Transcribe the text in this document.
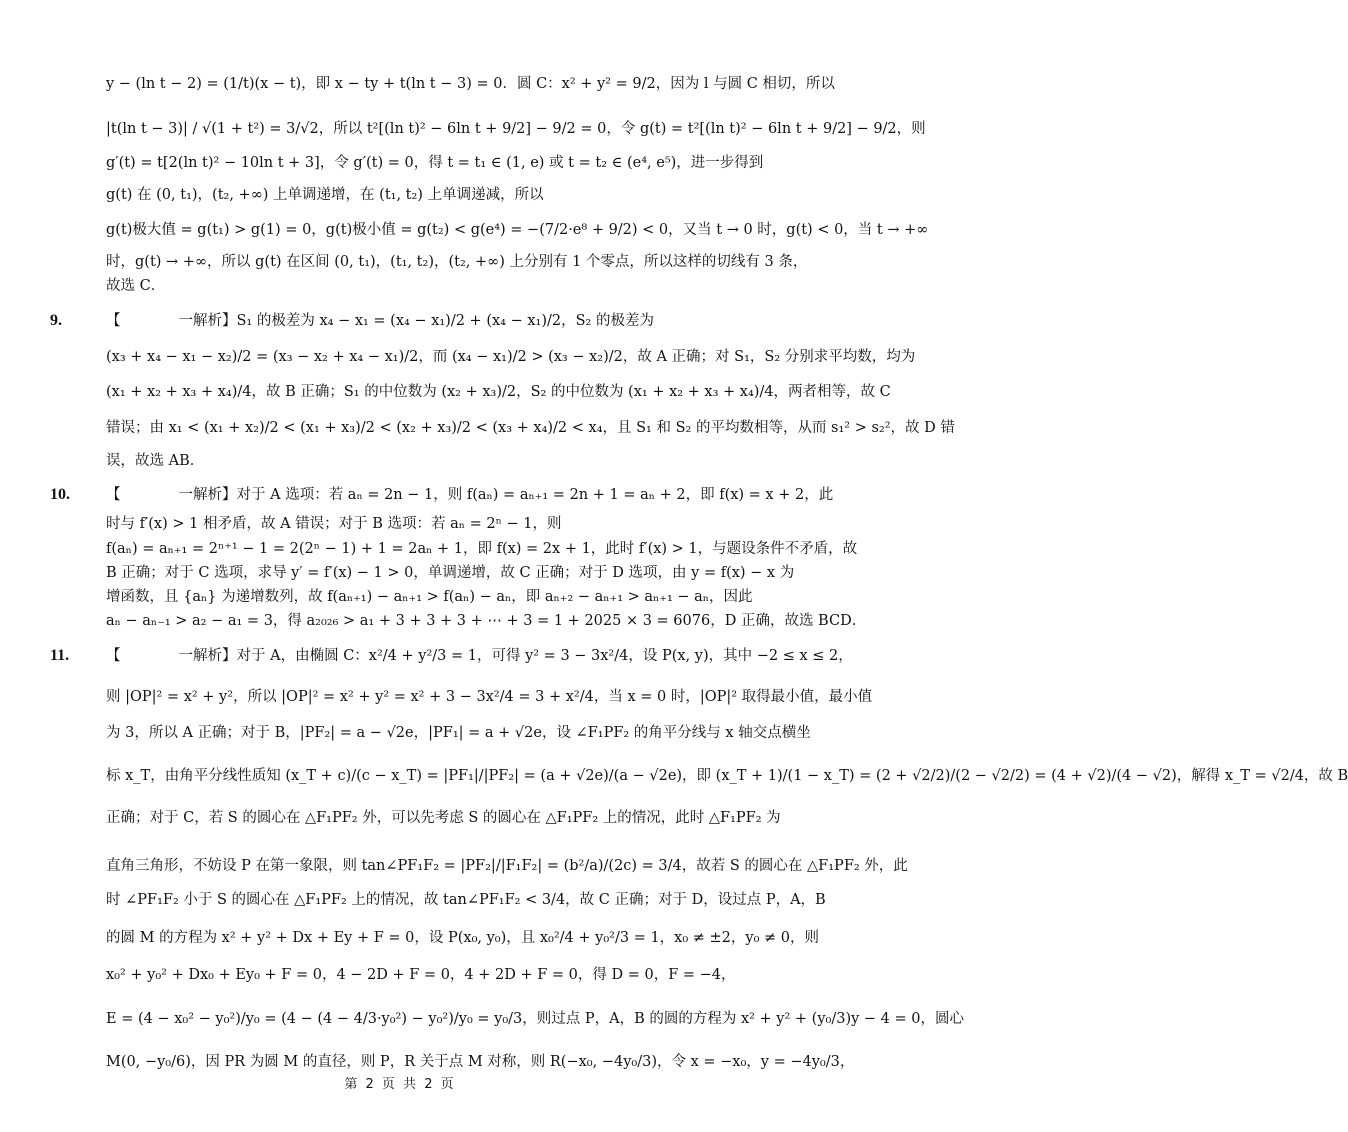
y − (ln t − 2) = (1/t)(x − t)，即 x − ty + t(ln t − 3) = 0．圆 C：x² + y² = 9/2，因为 l 与圆 C 相切，所以
|t(ln t − 3)| / √(1 + t²) = 3/√2，所以 t²[(ln t)² − 6ln t + 9/2] − 9/2 = 0，令 g(t) = t²[(ln t)² − 6ln t + 9/2] − 9/2，则
g′(t) = t[2(ln t)² − 10ln t + 3]，令 g′(t) = 0，得 t = t₁ ∈ (1, e) 或 t = t₂ ∈ (e⁴, e⁵)，进一步得到
g(t) 在 (0, t₁)，(t₂, +∞) 上单调递增，在 (t₁, t₂) 上单调递减，所以
g(t)极大值 = g(t₁) > g(1) = 0，g(t)极小值 = g(t₂) < g(e⁴) = −(7/2·e⁸ + 9/2) < 0，又当 t → 0 时，g(t) < 0，当 t → +∞
时，g(t) → +∞，所以 g(t) 在区间 (0, t₁)，(t₁, t₂)，(t₂, +∞) 上分别有 1 个零点，所以这样的切线有 3 条，
故选 C．
【　　　　一解析】S₁ 的极差为 x₄ − x₁ = (x₄ − x₁)/2 + (x₄ − x₁)/2，S₂ 的极差为
(x₃ + x₄ − x₁ − x₂)/2 = (x₃ − x₂ + x₄ − x₁)/2，而 (x₄ − x₁)/2 > (x₃ − x₂)/2，故 A 正确；对 S₁，S₂ 分别求平均数，均为
(x₁ + x₂ + x₃ + x₄)/4，故 B 正确；S₁ 的中位数为 (x₂ + x₃)/2，S₂ 的中位数为 (x₁ + x₂ + x₃ + x₄)/4，两者相等，故 C
错误；由 x₁ < (x₁ + x₂)/2 < (x₁ + x₃)/2 < (x₂ + x₃)/2 < (x₃ + x₄)/2 < x₄，且 S₁ 和 S₂ 的平均数相等，从而 s₁² > s₂²，故 D 错
误，故选 AB．
【　　　　一解析】对于 A 选项：若 aₙ = 2n − 1，则 f(aₙ) = aₙ₊₁ = 2n + 1 = aₙ + 2，即 f(x) = x + 2，此
时与 f′(x) > 1 相矛盾，故 A 错误；对于 B 选项：若 aₙ = 2ⁿ − 1，则
f(aₙ) = aₙ₊₁ = 2ⁿ⁺¹ − 1 = 2(2ⁿ − 1) + 1 = 2aₙ + 1，即 f(x) = 2x + 1，此时 f′(x) > 1，与题设条件不矛盾，故
B 正确；对于 C 选项，求导 y′ = f′(x) − 1 > 0，单调递增，故 C 正确；对于 D 选项，由 y = f(x) − x 为
增函数，且 {aₙ} 为递增数列，故 f(aₙ₊₁) − aₙ₊₁ > f(aₙ) − aₙ，即 aₙ₊₂ − aₙ₊₁ > aₙ₊₁ − aₙ，因此
aₙ − aₙ₋₁ > a₂ − a₁ = 3，得 a₂₀₂₆ > a₁ + 3 + 3 + 3 + ⋯ + 3 = 1 + 2025 × 3 = 6076，D 正确，故选 BCD．
【　　　　一解析】对于 A，由椭圆 C：x²/4 + y²/3 = 1，可得 y² = 3 − 3x²/4，设 P(x, y)，其中 −2 ≤ x ≤ 2，
则 |OP|² = x² + y²，所以 |OP|² = x² + y² = x² + 3 − 3x²/4 = 3 + x²/4，当 x = 0 时，|OP|² 取得最小值，最小值
为 3，所以 A 正确；对于 B，|PF₂| = a − √2e，|PF₁| = a + √2e，设 ∠F₁PF₂ 的角平分线与 x 轴交点横坐
标 x_T，由角平分线性质知 (x_T + c)/(c − x_T) = |PF₁|/|PF₂| = (a + √2e)/(a − √2e)，即 (x_T + 1)/(1 − x_T) = (2 + √2/2)/(2 − √2/2) = (4 + √2)/(4 − √2)，解得 x_T = √2/4，故 B
正确；对于 C，若 S 的圆心在 △F₁PF₂ 外，可以先考虑 S 的圆心在 △F₁PF₂ 上的情况，此时 △F₁PF₂ 为
直角三角形，不妨设 P 在第一象限，则 tan∠PF₁F₂ = |PF₂|/|F₁F₂| = (b²/a)/(2c) = 3/4，故若 S 的圆心在 △F₁PF₂ 外，此
时 ∠PF₁F₂ 小于 S 的圆心在 △F₁PF₂ 上的情况，故 tan∠PF₁F₂ < 3/4，故 C 正确；对于 D，设过点 P，A，B
的圆 M 的方程为 x² + y² + Dx + Ey + F = 0，设 P(x₀, y₀)，且 x₀²/4 + y₀²/3 = 1，x₀ ≠ ±2，y₀ ≠ 0，则
x₀² + y₀² + Dx₀ + Ey₀ + F = 0，4 − 2D + F = 0，4 + 2D + F = 0，得 D = 0，F = −4，
E = (4 − x₀² − y₀²)/y₀ = (4 − (4 − 4/3·y₀²) − y₀²)/y₀ = y₀/3，则过点 P，A，B 的圆的方程为 x² + y² + (y₀/3)y − 4 = 0，圆心
M(0, −y₀/6)，因 PR 为圆 M 的直径，则 P，R 关于点 M 对称，则 R(−x₀, −4y₀/3)，令 x = −x₀，y = −4y₀/3，
9.
10.
11.
第 2 页 共 2 页
